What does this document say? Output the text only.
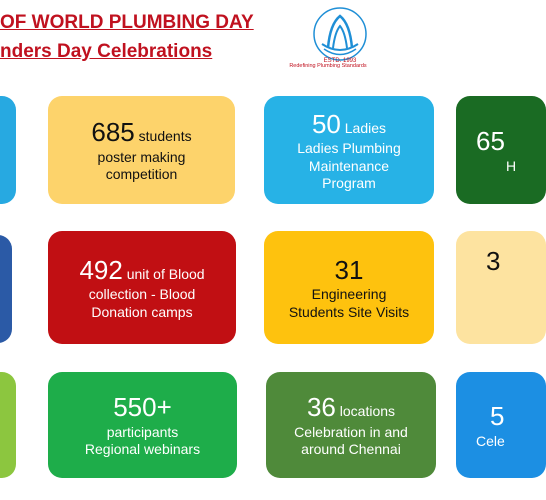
OF WORLD PLUMBING DAY
nders Day Celebrations	ESTD. 1993
Redefining Plumbing Standards
685 students
poster making
competition
50 Ladies
Ladies Plumbing
Maintenance
Program
65
H
492 unit of Blood
collection - Blood
Donation camps
31
Engineering
Students Site Visits
3
550+
participants
Regional webinars
36 locations
Celebration in and
around Chennai
5
Cele
